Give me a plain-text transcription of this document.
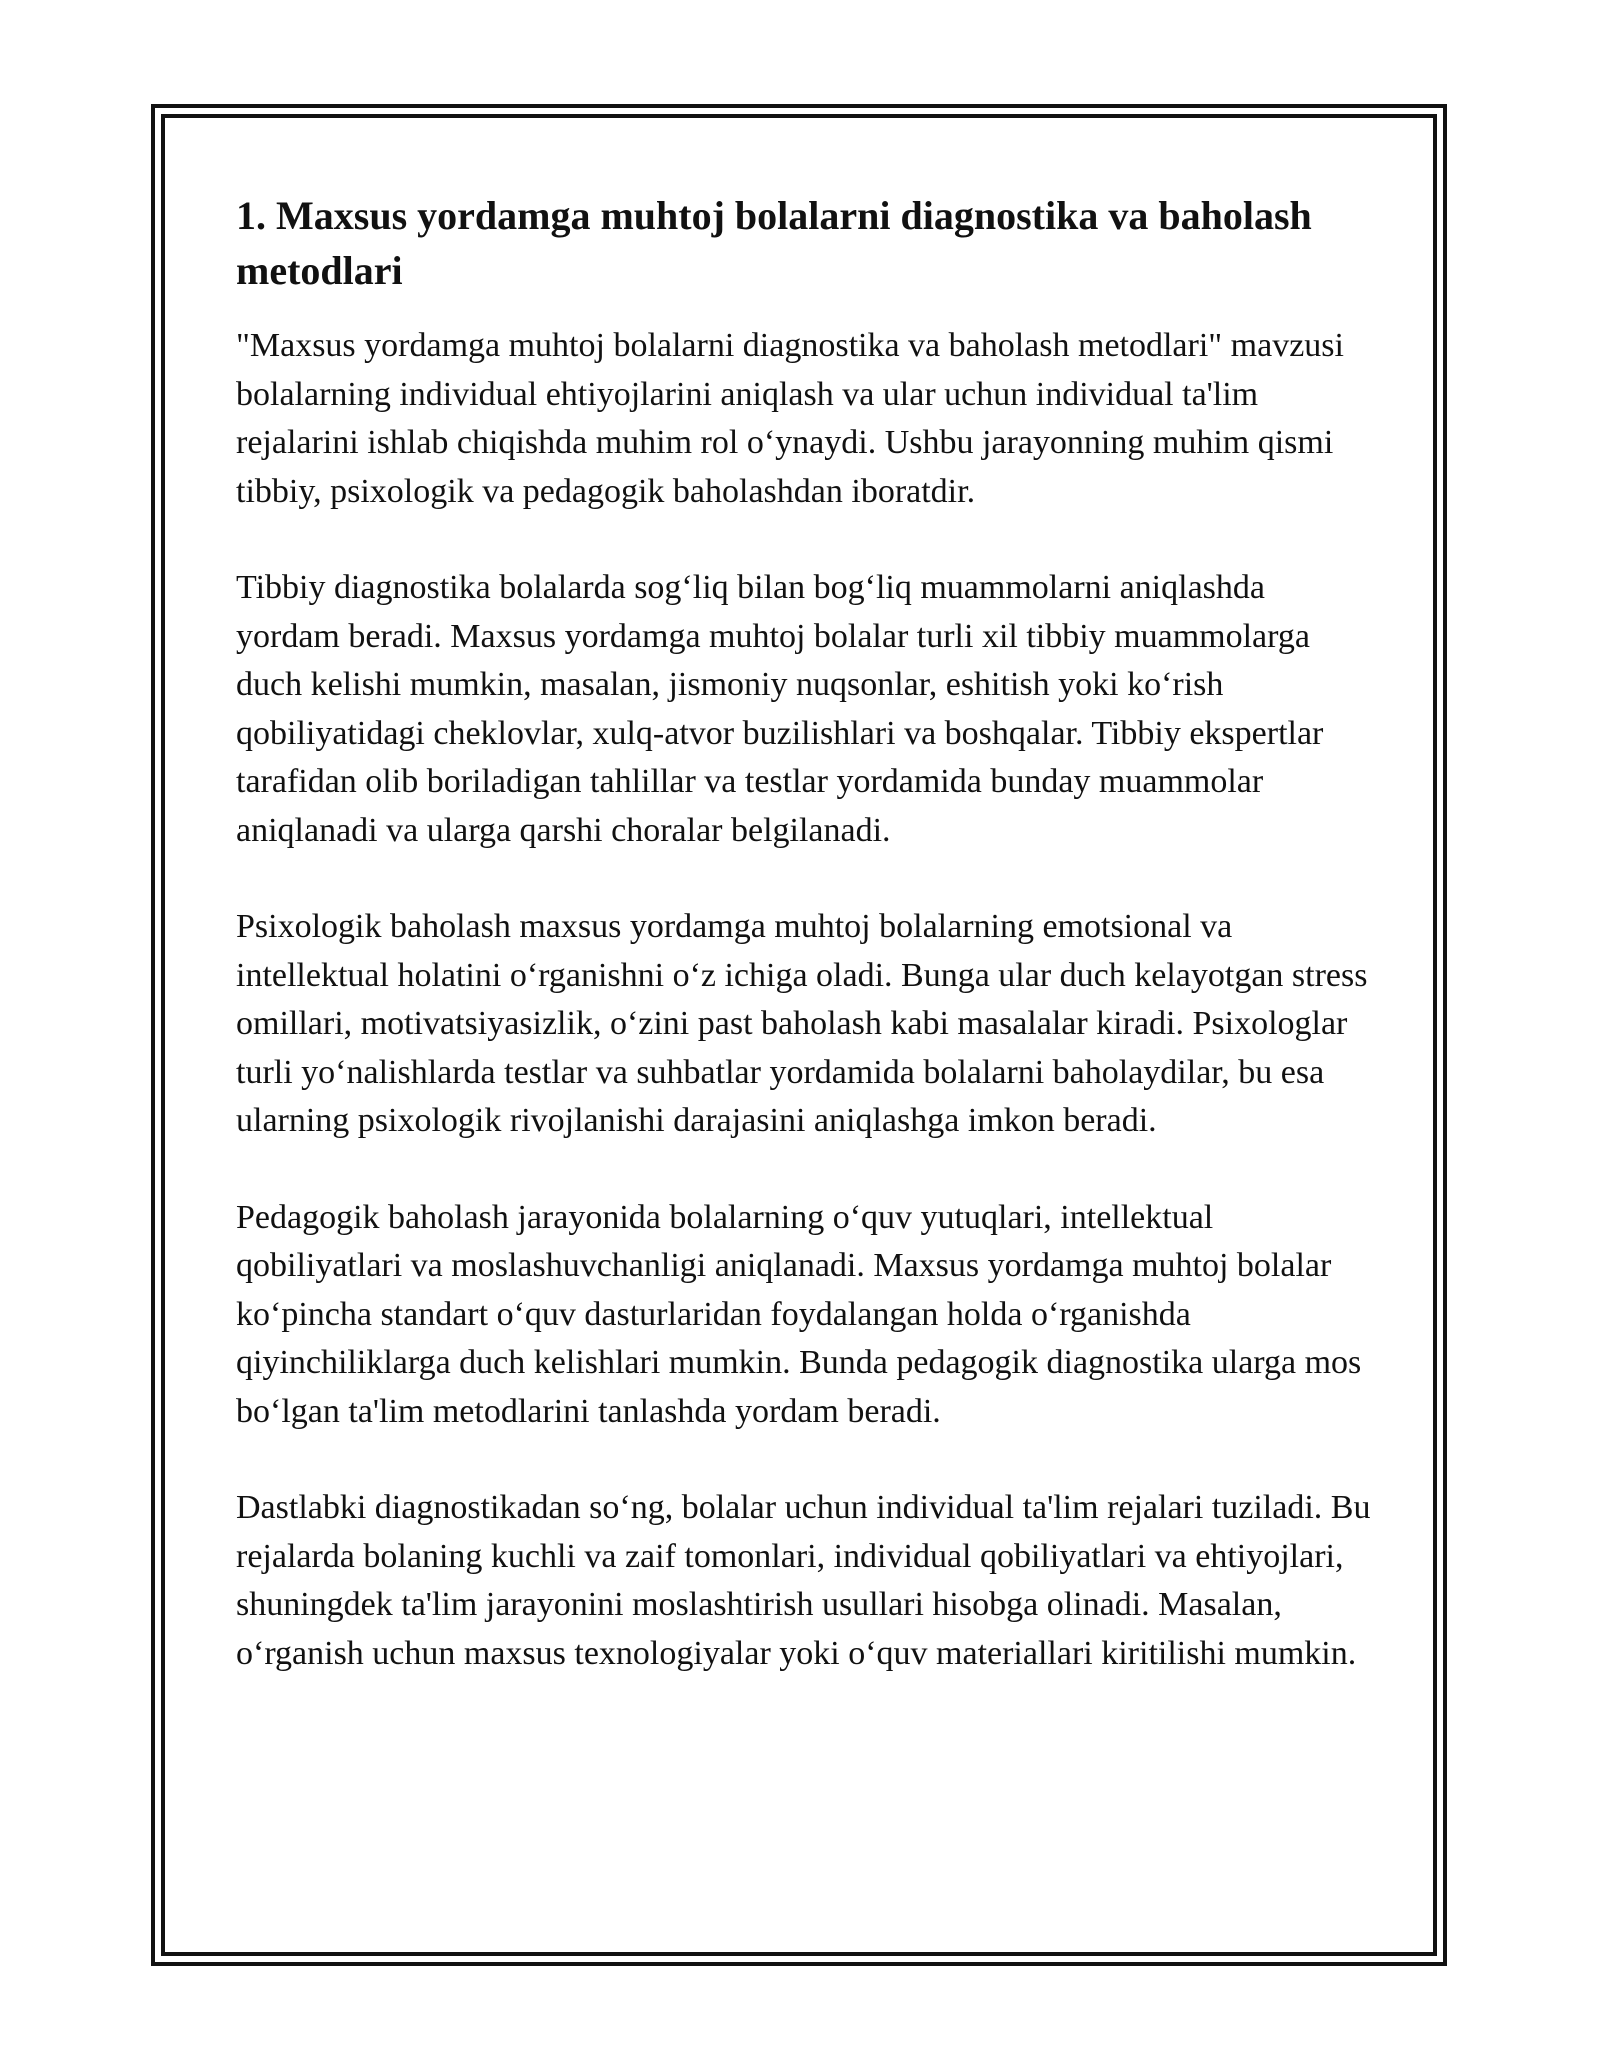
1. Maxsus yordamga muhtoj bolalarni diagnostika va baholash metodlari

"Maxsus yordamga muhtoj bolalarni diagnostika va baholash metodlari" mavzusi bolalarning individual ehtiyojlarini aniqlash va ular uchun individual ta'lim rejalarini ishlab chiqishda muhim rol o‘ynaydi. Ushbu jarayonning muhim qismi tibbiy, psixologik va pedagogik baholashdan iboratdir.

Tibbiy diagnostika bolalarda sog‘liq bilan bog‘liq muammolarni aniqlashda yordam beradi. Maxsus yordamga muhtoj bolalar turli xil tibbiy muammolarga duch kelishi mumkin, masalan, jismoniy nuqsonlar, eshitish yoki ko‘rish qobiliyatidagi cheklovlar, xulq-atvor buzilishlari va boshqalar. Tibbiy ekspertlar tarafidan olib boriladigan tahlillar va testlar yordamida bunday muammolar aniqlanadi va ularga qarshi choralar belgilanadi.

Psixologik baholash maxsus yordamga muhtoj bolalarning emotsional va intellektual holatini o‘rganishni o‘z ichiga oladi. Bunga ular duch kelayotgan stress omillari, motivatsiyasizlik, o‘zini past baholash kabi masalalar kiradi. Psixologlar turli yo‘nalishlarda testlar va suhbatlar yordamida bolalarni baholaydilar, bu esa ularning psixologik rivojlanishi darajasini aniqlashga imkon beradi.

Pedagogik baholash jarayonida bolalarning o‘quv yutuqlari, intellektual qobiliyatlari va moslashuvchanligi aniqlanadi. Maxsus yordamga muhtoj bolalar ko‘pincha standart o‘quv dasturlaridan foydalangan holda o‘rganishda qiyinchiliklarga duch kelishlari mumkin. Bunda pedagogik diagnostika ularga mos bo‘lgan ta'lim metodlarini tanlashda yordam beradi.

Dastlabki diagnostikadan so‘ng, bolalar uchun individual ta'lim rejalari tuziladi. Bu rejalarda bolaning kuchli va zaif tomonlari, individual qobiliyatlari va ehtiyojlari, shuningdek ta'lim jarayonini moslashtirish usullari hisobga olinadi. Masalan, o‘rganish uchun maxsus texnologiyalar yoki o‘quv materiallari kiritilishi mumkin.
